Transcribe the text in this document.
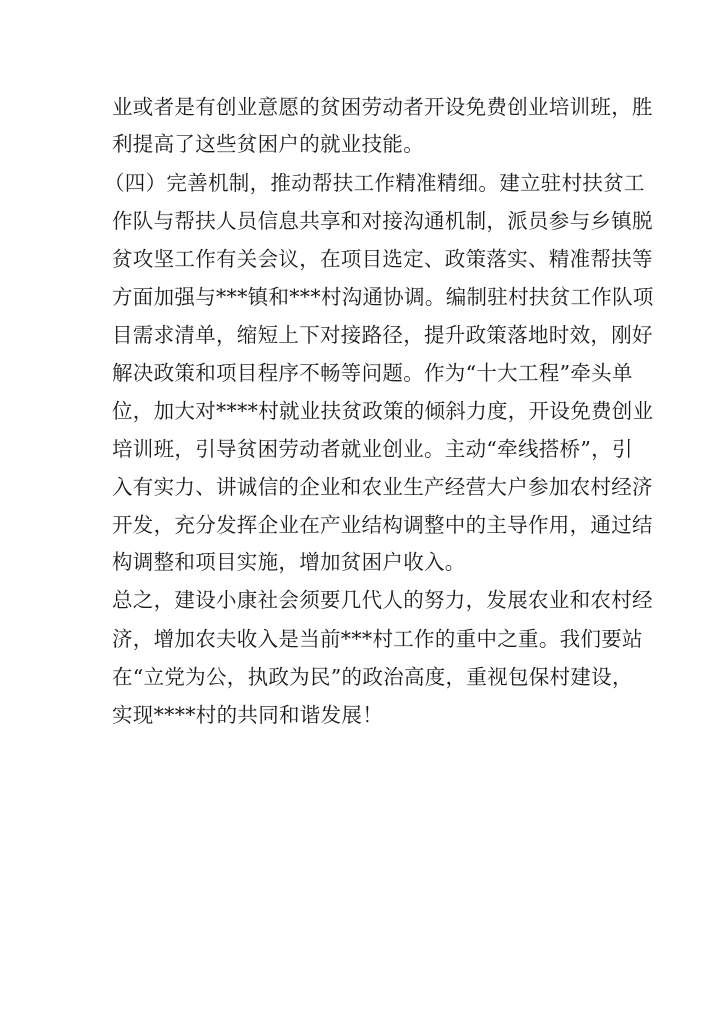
业或者是有创业意愿的贫困劳动者开设免费创业培训班，胜
利提高了这些贫困户的就业技能。
（四）完善机制，推动帮扶工作精准精细。建立驻村扶贫工
作队与帮扶人员信息共享和对接沟通机制，派员参与乡镇脱
贫攻坚工作有关会议，在项目选定、政策落实、精准帮扶等
方面加强与***镇和***村沟通协调。编制驻村扶贫工作队项
目需求清单，缩短上下对接路径，提升政策落地时效，刚好
解决政策和项目程序不畅等问题。作为“十大工程”牵头单
位，加大对****村就业扶贫政策的倾斜力度，开设免费创业
培训班，引导贫困劳动者就业创业。主动“牵线搭桥”，引
入有实力、讲诚信的企业和农业生产经营大户参加农村经济
开发，充分发挥企业在产业结构调整中的主导作用，通过结
构调整和项目实施，增加贫困户收入。
总之，建设小康社会须要几代人的努力，发展农业和农村经
济，增加农夫收入是当前***村工作的重中之重。我们要站
在“立党为公，执政为民”的政治高度，重视包保村建设，
实现****村的共同和谐发展！
